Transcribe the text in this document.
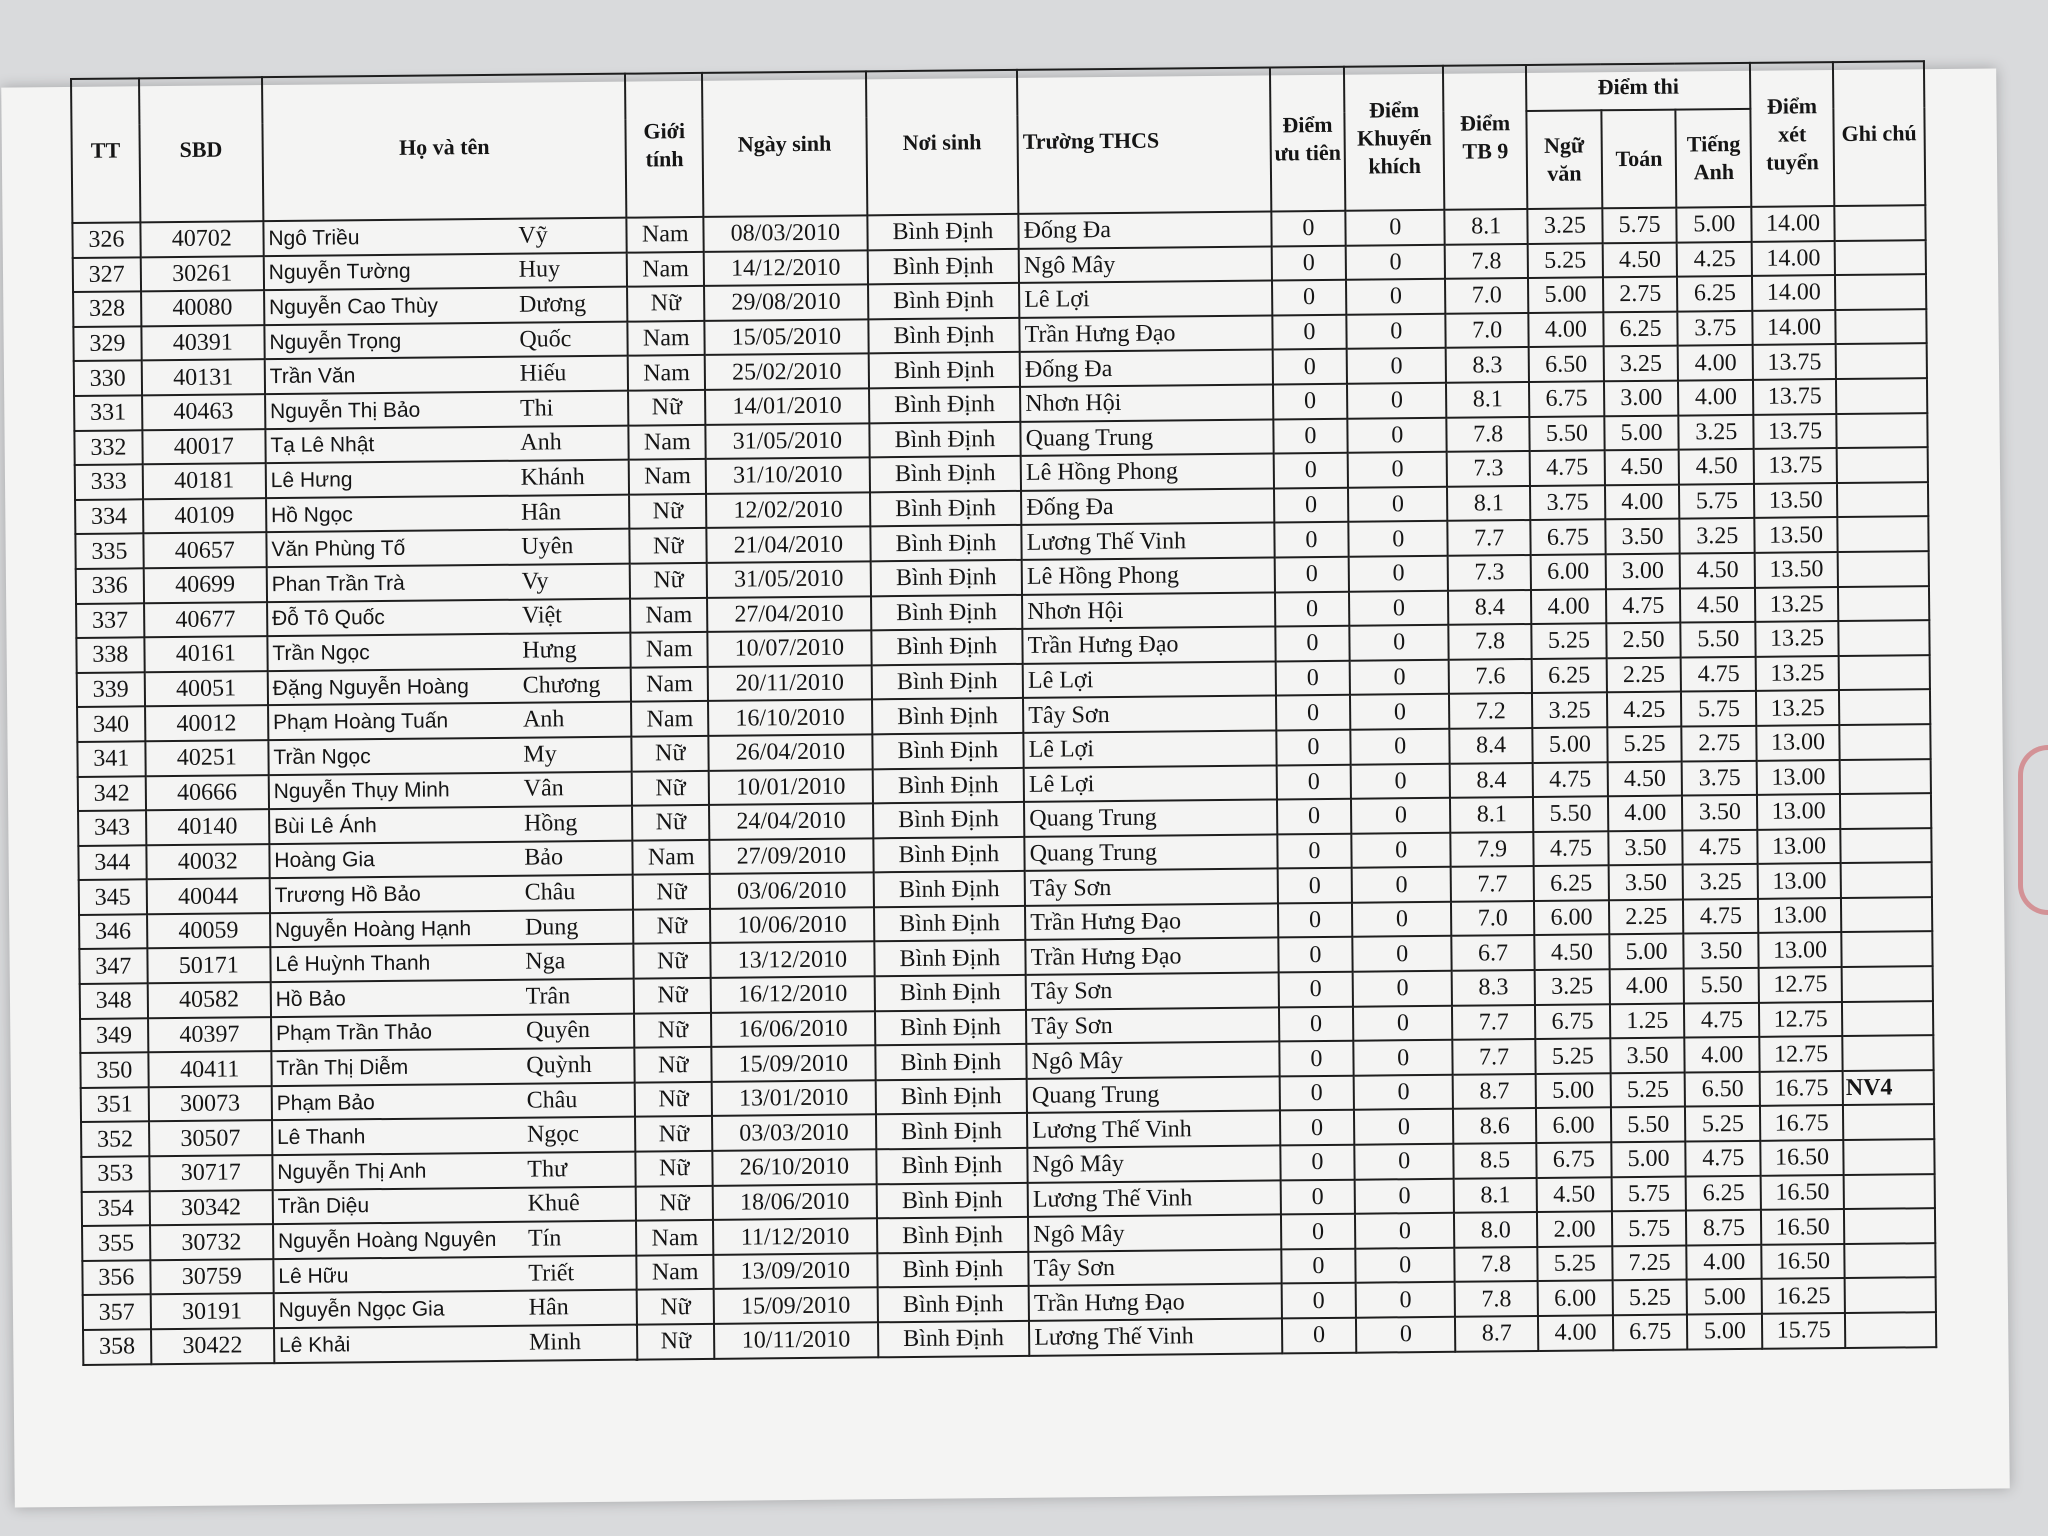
TT	SBD	Họ và tên	Giới tính	Ngày sinh	Nơi sinh	Trường THCS	Điểm ưu tiên	Điểm Khuyến khích	Điểm TB 9	Điểm thi			Điểm xét tuyển	Ghi chú
										Ngữ văn	Toán	Tiếng Anh		
326	40702	Ngô Triều Vỹ	Nam	08/03/2010	Bình Định	Đống Đa	0	0	8.1	3.25	5.75	5.00	14.00	
327	30261	Nguyễn Tường Huy	Nam	14/12/2010	Bình Định	Ngô Mây	0	0	7.8	5.25	4.50	4.25	14.00	
328	40080	Nguyễn Cao Thùy Dương	Nữ	29/08/2010	Bình Định	Lê Lợi	0	0	7.0	5.00	2.75	6.25	14.00	
329	40391	Nguyễn Trọng Quốc	Nam	15/05/2010	Bình Định	Trần Hưng Đạo	0	0	7.0	4.00	6.25	3.75	14.00	
330	40131	Trần Văn Hiếu	Nam	25/02/2010	Bình Định	Đống Đa	0	0	8.3	6.50	3.25	4.00	13.75	
331	40463	Nguyễn Thị Bảo Thi	Nữ	14/01/2010	Bình Định	Nhơn Hội	0	0	8.1	6.75	3.00	4.00	13.75	
332	40017	Tạ Lê Nhật Anh	Nam	31/05/2010	Bình Định	Quang Trung	0	0	7.8	5.50	5.00	3.25	13.75	
333	40181	Lê Hưng Khánh	Nam	31/10/2010	Bình Định	Lê Hồng Phong	0	0	7.3	4.75	4.50	4.50	13.75	
334	40109	Hồ Ngọc Hân	Nữ	12/02/2010	Bình Định	Đống Đa	0	0	8.1	3.75	4.00	5.75	13.50	
335	40657	Văn Phùng Tố Uyên	Nữ	21/04/2010	Bình Định	Lương Thế Vinh	0	0	7.7	6.75	3.50	3.25	13.50	
336	40699	Phan Trần Trà Vy	Nữ	31/05/2010	Bình Định	Lê Hồng Phong	0	0	7.3	6.00	3.00	4.50	13.50	
337	40677	Đỗ Tô Quốc Việt	Nam	27/04/2010	Bình Định	Nhơn Hội	0	0	8.4	4.00	4.75	4.50	13.25	
338	40161	Trần Ngọc Hưng	Nam	10/07/2010	Bình Định	Trần Hưng Đạo	0	0	7.8	5.25	2.50	5.50	13.25	
339	40051	Đặng Nguyễn Hoàng Chương	Nam	20/11/2010	Bình Định	Lê Lợi	0	0	7.6	6.25	2.25	4.75	13.25	
340	40012	Phạm Hoàng Tuấn Anh	Nam	16/10/2010	Bình Định	Tây Sơn	0	0	7.2	3.25	4.25	5.75	13.25	
341	40251	Trần Ngọc My	Nữ	26/04/2010	Bình Định	Lê Lợi	0	0	8.4	5.00	5.25	2.75	13.00	
342	40666	Nguyễn Thụy Minh Vân	Nữ	10/01/2010	Bình Định	Lê Lợi	0	0	8.4	4.75	4.50	3.75	13.00	
343	40140	Bùi Lê Ánh Hồng	Nữ	24/04/2010	Bình Định	Quang Trung	0	0	8.1	5.50	4.00	3.50	13.00	
344	40032	Hoàng Gia Bảo	Nam	27/09/2010	Bình Định	Quang Trung	0	0	7.9	4.75	3.50	4.75	13.00	
345	40044	Trương Hồ Bảo Châu	Nữ	03/06/2010	Bình Định	Tây Sơn	0	0	7.7	6.25	3.50	3.25	13.00	
346	40059	Nguyễn Hoàng Hạnh Dung	Nữ	10/06/2010	Bình Định	Trần Hưng Đạo	0	0	7.0	6.00	2.25	4.75	13.00	
347	50171	Lê Huỳnh Thanh Nga	Nữ	13/12/2010	Bình Định	Trần Hưng Đạo	0	0	6.7	4.50	5.00	3.50	13.00	
348	40582	Hồ Bảo Trân	Nữ	16/12/2010	Bình Định	Tây Sơn	0	0	8.3	3.25	4.00	5.50	12.75	
349	40397	Phạm Trần Thảo Quyên	Nữ	16/06/2010	Bình Định	Tây Sơn	0	0	7.7	6.75	1.25	4.75	12.75	
350	40411	Trần Thị Diễm Quỳnh	Nữ	15/09/2010	Bình Định	Ngô Mây	0	0	7.7	5.25	3.50	4.00	12.75	
351	30073	Phạm Bảo Châu	Nữ	13/01/2010	Bình Định	Quang Trung	0	0	8.7	5.00	5.25	6.50	16.75	NV4
352	30507	Lê Thanh Ngọc	Nữ	03/03/2010	Bình Định	Lương Thế Vinh	0	0	8.6	6.00	5.50	5.25	16.75	
353	30717	Nguyễn Thị Anh Thư	Nữ	26/10/2010	Bình Định	Ngô Mây	0	0	8.5	6.75	5.00	4.75	16.50	
354	30342	Trần Diệu Khuê	Nữ	18/06/2010	Bình Định	Lương Thế Vinh	0	0	8.1	4.50	5.75	6.25	16.50	
355	30732	Nguyễn Hoàng Nguyên Tín	Nam	11/12/2010	Bình Định	Ngô Mây	0	0	8.0	2.00	5.75	8.75	16.50	
356	30759	Lê Hữu Triết	Nam	13/09/2010	Bình Định	Tây Sơn	0	0	7.8	5.25	7.25	4.00	16.50	
357	30191	Nguyễn Ngọc Gia Hân	Nữ	15/09/2010	Bình Định	Trần Hưng Đạo	0	0	7.8	6.00	5.25	5.00	16.25	
358	30422	Lê Khải Minh	Nữ	10/11/2010	Bình Định	Lương Thế Vinh	0	0	8.7	4.00	6.75	5.00	15.75	
